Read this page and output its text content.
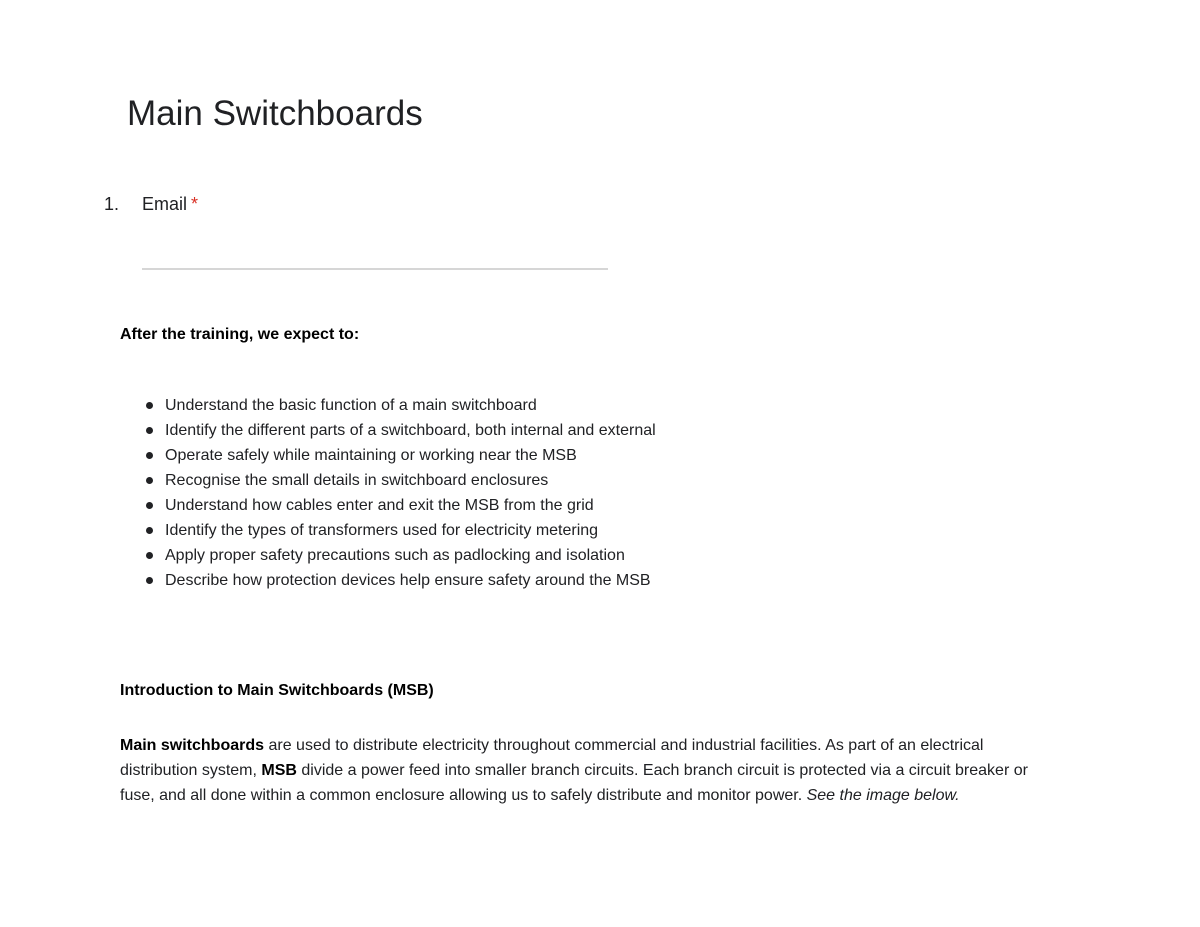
Main Switchboards
1. Email *
After the training, we expect to:
Understand the basic function of a main switchboard
Identify the different parts of a switchboard, both internal and external
Operate safely while maintaining or working near the MSB
Recognise the small details in switchboard enclosures
Understand how cables enter and exit the MSB from the grid
Identify the types of transformers used for electricity metering
Apply proper safety precautions such as padlocking and isolation
Describe how protection devices help ensure safety around the MSB
Introduction to Main Switchboards (MSB)

Main switchboards are used to distribute electricity throughout commercial and industrial facilities. As part of an electrical distribution system, MSB divide a power feed into smaller branch circuits. Each branch circuit is protected via a circuit breaker or fuse, and all done within a common enclosure allowing us to safely distribute and monitor power. See the image below.
